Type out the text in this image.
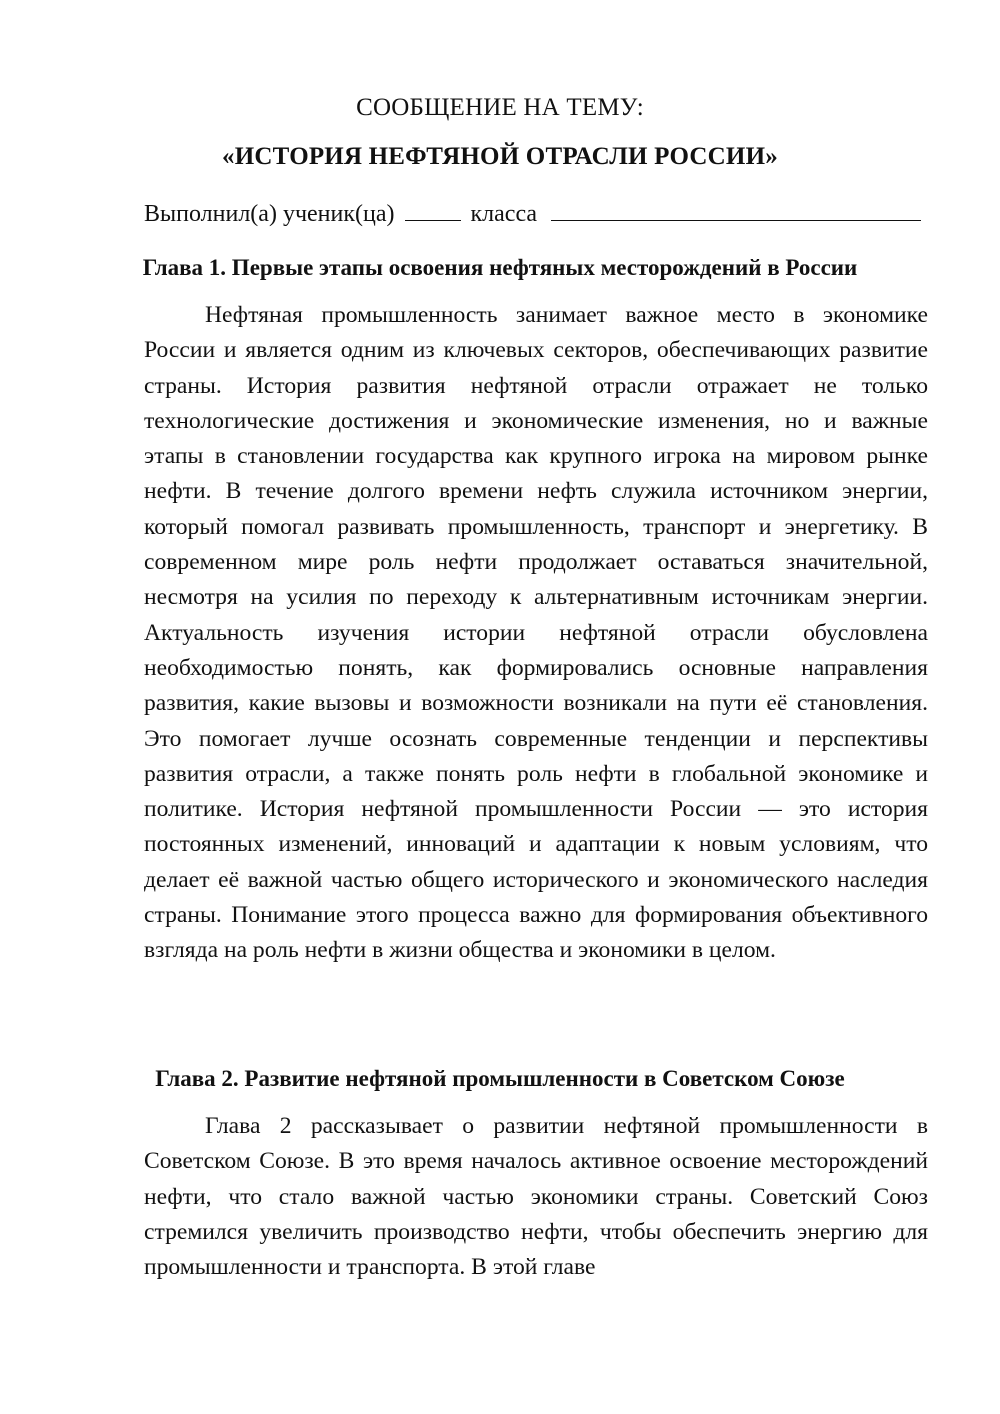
СООБЩЕНИЕ НА ТЕМУ:
«ИСТОРИЯ НЕФТЯНОЙ ОТРАСЛИ РОССИИ»
Выполнил(а) ученик(ца)	класса
Глава 1. Первые этапы освоения нефтяных месторождений в России

Нефтяная промышленность занимает важное место в экономике России и является одним из ключевых секторов, обеспечивающих развитие страны. История развития нефтяной отрасли отражает не только технологические достижения и экономические изменения, но и важные этапы в становлении государства как крупного игрока на мировом рынке нефти. В течение долгого времени нефть служила источником энергии, который помогал развивать промышленность, транспорт и энергетику. В современном мире роль нефти продолжает оставаться значительной, несмотря на усилия по переходу к альтернативным источникам энергии. Актуальность изучения истории нефтяной отрасли обусловлена необходимостью понять, как формировались основные направления развития, какие вызовы и возможности возникали на пути её становления. Это помогает лучше осознать современные тенденции и перспективы развития отрасли, а также понять роль нефти в глобальной экономике и политике. История нефтяной промышленности России — это история постоянных изменений, инноваций и адаптации к новым условиям, что делает её важной частью общего исторического и экономического наследия страны. Понимание этого процесса важно для формирования объективного взгляда на роль нефти в жизни общества и экономики в целом.

Глава 2. Развитие нефтяной промышленности в Советском Союзе

Глава 2 рассказывает о развитии нефтяной промышленности в Советском Союзе. В это время началось активное освоение месторождений нефти, что стало важной частью экономики страны. Советский Союз стремился увеличить производство нефти, чтобы обеспечить энергию для промышленности и транспорта. В этой главе
